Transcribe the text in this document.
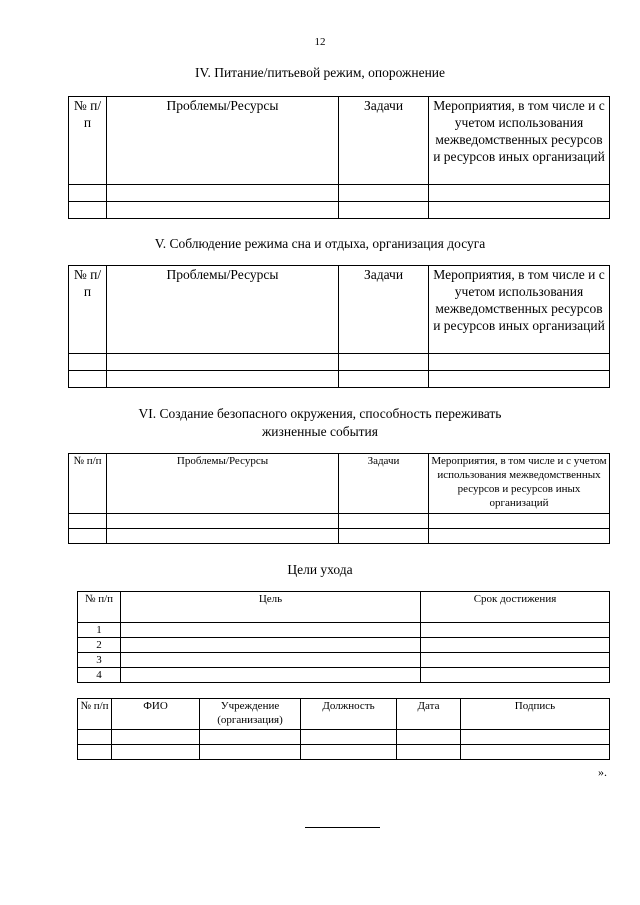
12
IV. Питание/питьевой режим, опорожнение
№ п/п	Проблемы/Ресурсы	Задачи	Мероприятия, в том числе и с учетом использования межведомственных ресурсов и ресурсов иных организаций

V. Соблюдение режима сна и отдыха, организация досуга
№ п/п	Проблемы/Ресурсы	Задачи	Мероприятия, в том числе и с учетом использования межведомственных ресурсов и ресурсов иных организаций

VI. Создание безопасного окружения, способность переживать
жизненные события
№ п/п	Проблемы/Ресурсы	Задачи	Мероприятия, в том числе и с учетом использования межведомственных ресурсов и ресурсов иных организаций

Цели ухода
№ п/п	Цель	Срок достижения
1		
2		
3		
4		
№ п/п	ФИО	Учреждение (организация)	Должность	Дата	Подпись

».
